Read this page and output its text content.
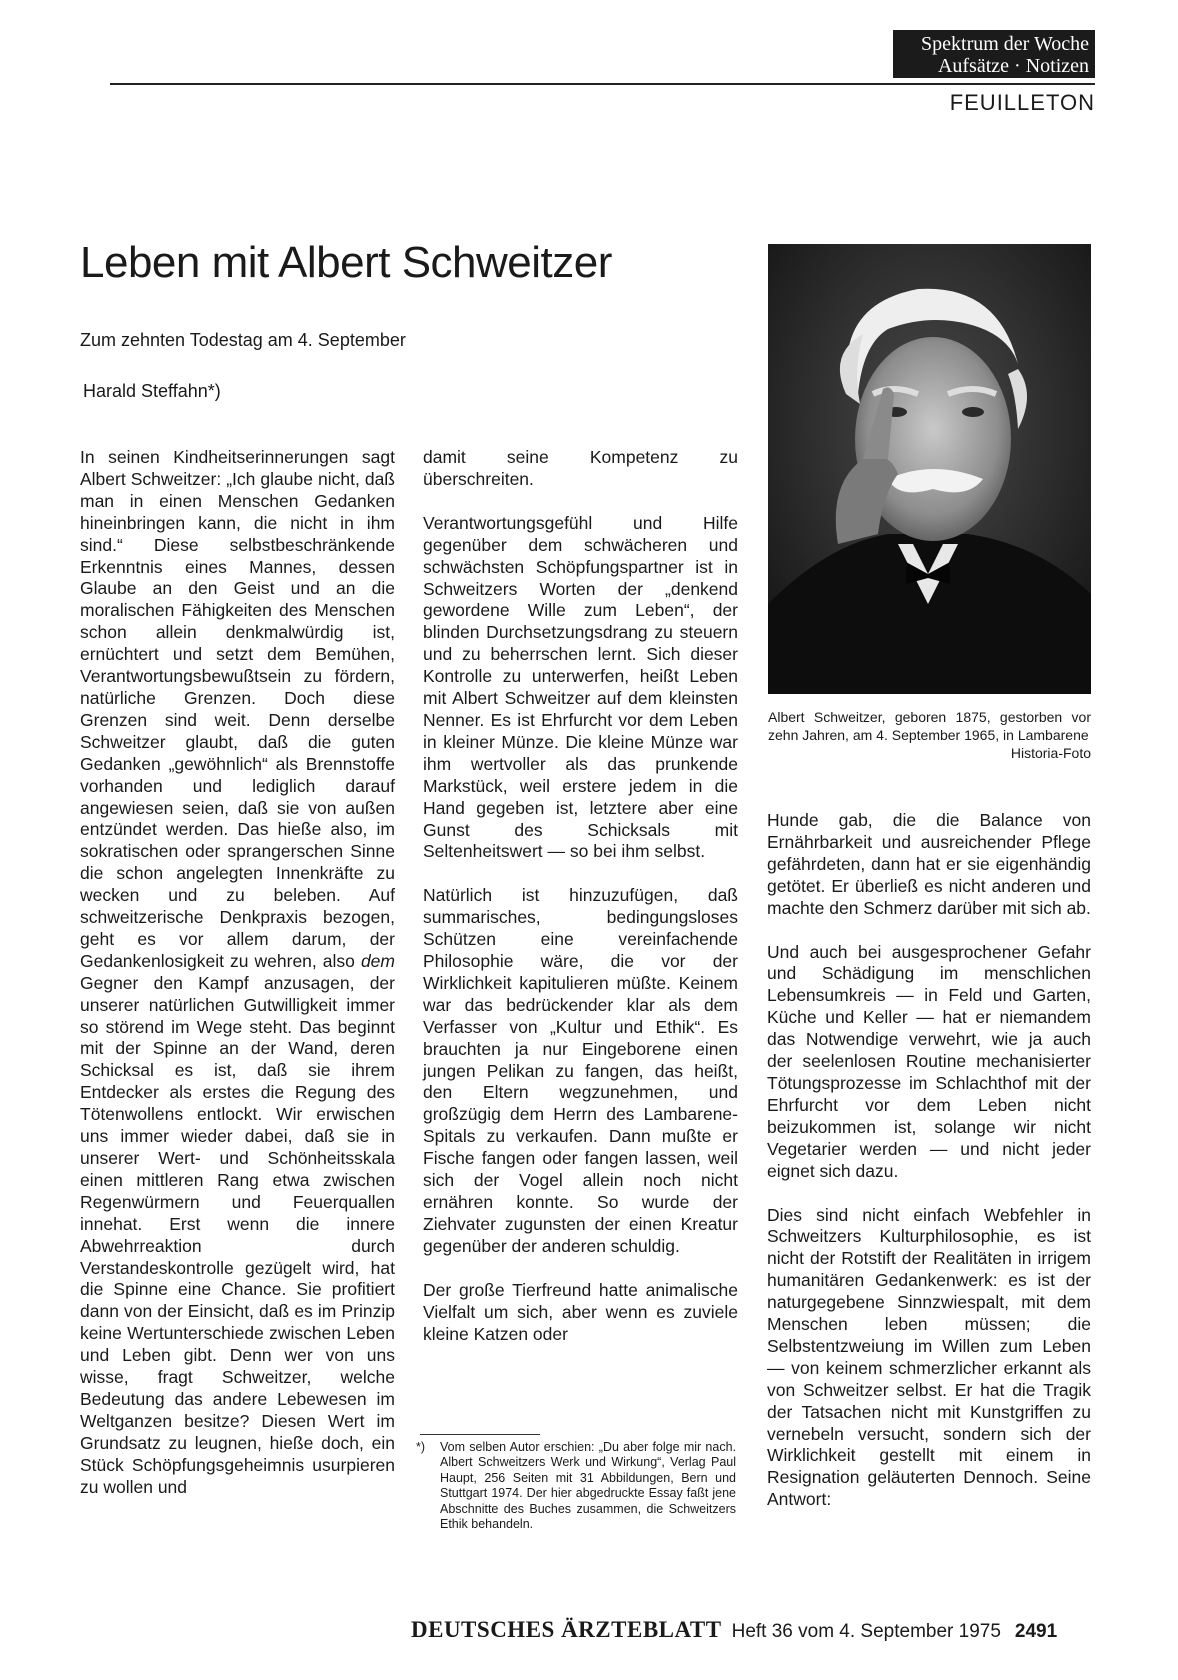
Spektrum der Woche
Aufsätze · Notizen
FEUILLETON
Leben mit Albert Schweitzer
Zum zehnten Todestag am 4. September
Harald Steffahn*)

In seinen Kindheitserinnerungen sagt Albert Schweitzer: „Ich glaube nicht, daß man in einen Menschen Gedanken hineinbringen kann, die nicht in ihm sind.“ Diese selbstbeschränkende Erkenntnis eines Mannes, dessen Glaube an den Geist und an die moralischen Fähigkeiten des Menschen schon allein denkmalwürdig ist, ernüchtert und setzt dem Bemühen, Verantwortungsbewußtsein zu fördern, natürliche Grenzen. Doch diese Grenzen sind weit. Denn derselbe Schweitzer glaubt, daß die guten Gedanken „gewöhnlich“ als Brennstoffe vorhanden und lediglich darauf angewiesen seien, daß sie von außen entzündet werden. Das hieße also, im sokratischen oder sprangerschen Sinne die schon angelegten Innenkräfte zu wecken und zu beleben. Auf schweitzerische Denkpraxis bezogen, geht es vor allem darum, der Gedankenlosigkeit zu wehren, also dem Gegner den Kampf anzusagen, der unserer natürlichen Gutwilligkeit immer so störend im Wege steht. Das beginnt mit der Spinne an der Wand, deren Schicksal es ist, daß sie ihrem Entdecker als erstes die Regung des Tötenwollens entlockt. Wir erwischen uns immer wieder dabei, daß sie in unserer Wert- und Schönheitsskala einen mittleren Rang etwa zwischen Regenwürmern und Feuerquallen innehat. Erst wenn die innere Abwehrreaktion durch Verstandeskontrolle gezügelt wird, hat die Spinne eine Chance. Sie profitiert dann von der Einsicht, daß es im Prinzip keine Wertunterschiede zwischen Leben und Leben gibt. Denn wer von uns wisse, fragt Schweitzer, welche Bedeutung das andere Lebewesen im Weltganzen besitze? Diesen Wert im Grundsatz zu leugnen, hieße doch, ein Stück Schöpfungsgeheimnis usurpieren zu wollen und

damit seine Kompetenz zu überschreiten.

Verantwortungsgefühl und Hilfe gegenüber dem schwächeren und schwächsten Schöpfungspartner ist in Schweitzers Worten der „denkend gewordene Wille zum Leben“, der blinden Durchsetzungsdrang zu steuern und zu beherrschen lernt. Sich dieser Kontrolle zu unterwerfen, heißt Leben mit Albert Schweitzer auf dem kleinsten Nenner. Es ist Ehrfurcht vor dem Leben in kleiner Münze. Die kleine Münze war ihm wertvoller als das prunkende Markstück, weil erstere jedem in die Hand gegeben ist, letztere aber eine Gunst des Schicksals mit Seltenheitswert — so bei ihm selbst.

Natürlich ist hinzuzufügen, daß summarisches, bedingungsloses Schützen eine vereinfachende Philosophie wäre, die vor der Wirklichkeit kapitulieren müßte. Keinem war das bedrückender klar als dem Verfasser von „Kultur und Ethik“. Es brauchten ja nur Eingeborene einen jungen Pelikan zu fangen, das heißt, den Eltern wegzunehmen, und großzügig dem Herrn des Lambarene-Spitals zu verkaufen. Dann mußte er Fische fangen oder fangen lassen, weil sich der Vogel allein noch nicht ernähren konnte. So wurde der Ziehvater zugunsten der einen Kreatur gegenüber der anderen schuldig.

Der große Tierfreund hatte animalische Vielfalt um sich, aber wenn es zuviele kleine Katzen oder

Albert Schweitzer, geboren 1875, gestorben vor zehn Jahren, am 4. September 1965, in Lambarene
Historia-Foto

Hunde gab, die die Balance von Ernährbarkeit und ausreichender Pflege gefährdeten, dann hat er sie eigenhändig getötet. Er überließ es nicht anderen und machte den Schmerz darüber mit sich ab.

Und auch bei ausgesprochener Gefahr und Schädigung im menschlichen Lebensumkreis — in Feld und Garten, Küche und Keller — hat er niemandem das Notwendige verwehrt, wie ja auch der seelenlosen Routine mechanisierter Tötungsprozesse im Schlachthof mit der Ehrfurcht vor dem Leben nicht beizukommen ist, solange wir nicht Vegetarier werden — und nicht jeder eignet sich dazu.

Dies sind nicht einfach Webfehler in Schweitzers Kulturphilosophie, es ist nicht der Rotstift der Realitäten in irrigem humanitären Gedankenwerk: es ist der naturgegebene Sinnzwiespalt, mit dem Menschen leben müssen; die Selbstentzweiung im Willen zum Leben — von keinem schmerzlicher erkannt als von Schweitzer selbst. Er hat die Tragik der Tatsachen nicht mit Kunstgriffen zu vernebeln versucht, sondern sich der Wirklichkeit gestellt mit einem in Resignation geläuterten Dennoch. Seine Antwort:

*) Vom selben Autor erschien: „Du aber folge mir nach. Albert Schweitzers Werk und Wirkung“, Verlag Paul Haupt, 256 Seiten mit 31 Abbildungen, Bern und Stuttgart 1974. Der hier abgedruckte Essay faßt jene Abschnitte des Buches zusammen, die Schweitzers Ethik behandeln.
DEUTSCHES ÄRZTEBLATT Heft 36 vom 4. September 1975 2491
